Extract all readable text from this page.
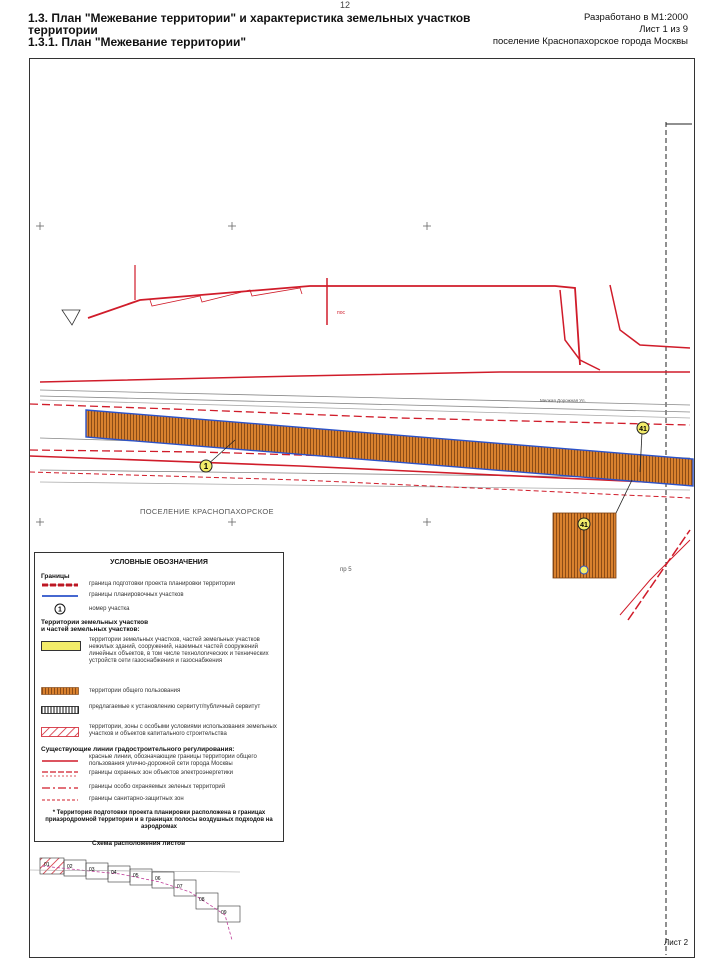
12
1.3. План "Межевание территории" и характеристика земельных участков
территории
1.3.1. План "Межевание территории"
Разработано в М1:2000
Лист 1 из 9
поселение Краснопахорское города Москвы
1
41
41
пос
Мелкая Дорожная Ул.
пр 5
01	02	03	04	05	06
07
08
09
ПОСЕЛЕНИЕ КРАСНОПАХОРСКОЕ
УСЛОВНЫЕ ОБОЗНАЧЕНИЯ
Границы
граница подготовки проекта планировки территории
границы планировочных участков
1	номер участка
Территории земельных участков и частей земельных участков:
территории земельных участков, частей земельных участков нежилых зданий, сооружений, наземных частей сооружений линейных объектов, в том числе технологических и технических устройств сети газоснабжения и газоснабжения
территории общего пользования
предлагаемые к установлению сервитут/публичный сервитут
территории, зоны с особыми условиями использования земельных участков и объектов капитального строительства
Существующие линии градостроительного регулирования:
красные линии, обозначающие границы территории общего пользования улично-дорожной сети города Москвы
границы охранных зон объектов электроэнергетики
границы особо охраняемых зеленых территорий
границы санитарно-защитных зон
* Территория подготовки проекта планировки расположена в границах приаэродромной территории и в границах полосы воздушных подходов на аэродромах
Схема расположения листов
Лист 2
